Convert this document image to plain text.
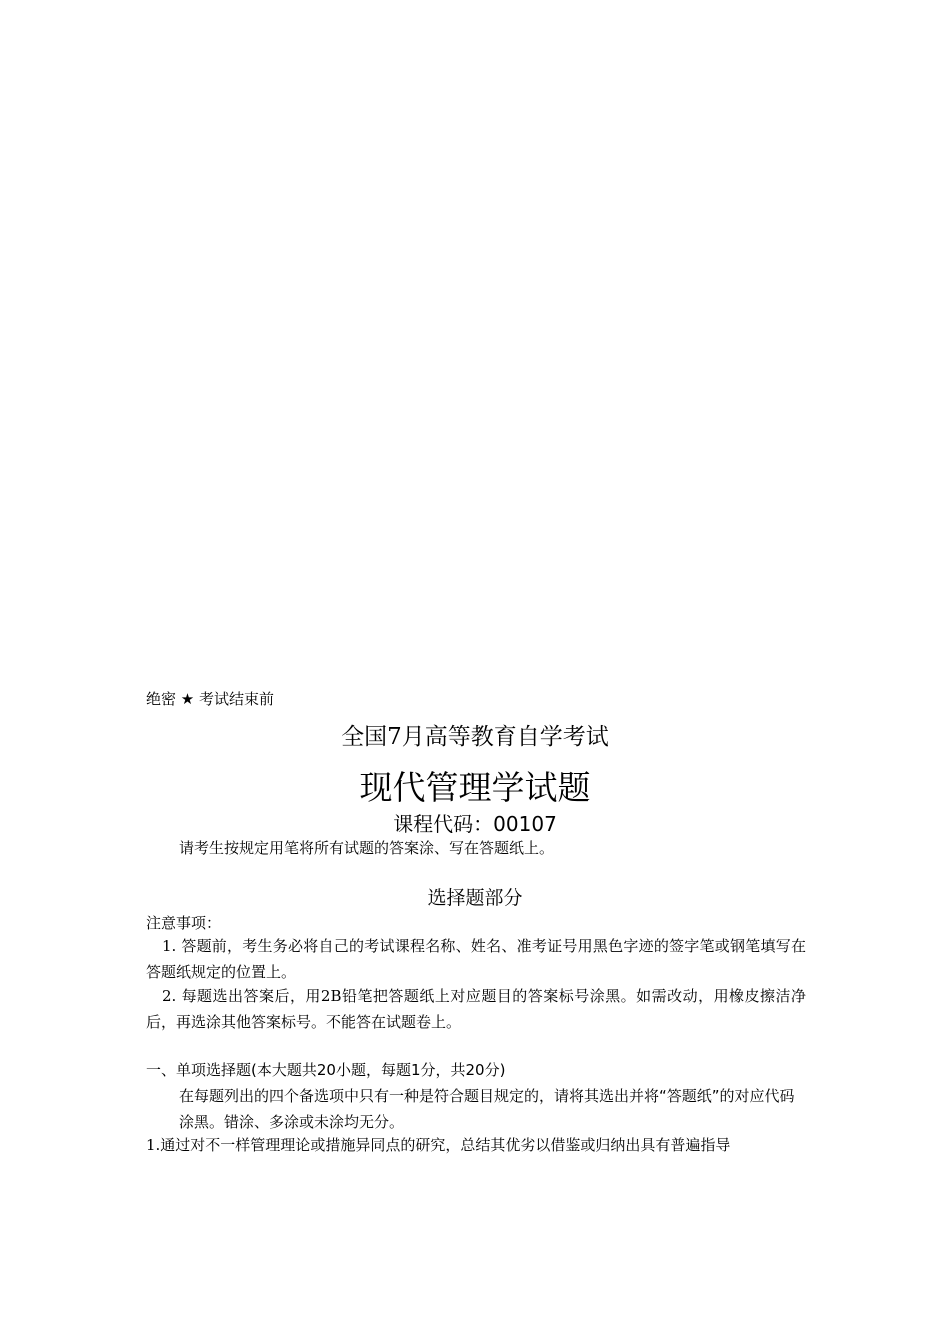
绝密 ★ 考试结束前
全国7月高等教育自学考试
现代管理学试题
课程代码：00107
请考生按规定用笔将所有试题的答案涂、写在答题纸上。
选择题部分
注意事项：
1. 答题前，考生务必将自己的考试课程名称、姓名、准考证号用黑色字迹的签字笔或钢笔填写在答题纸规定的位置上。
2. 每题选出答案后，用2B铅笔把答题纸上对应题目的答案标号涂黑。如需改动，用橡皮擦洁净后，再选涂其他答案标号。不能答在试题卷上。
一、单项选择题(本大题共20小题，每题1分，共20分)
在每题列出的四个备选项中只有一种是符合题目规定的，请将其选出并将“答题纸”的对应代码涂黑。错涂、多涂或未涂均无分。
1.通过对不一样管理理论或措施异同点的研究，总结其优劣以借鉴或归纳出具有普遍指导
